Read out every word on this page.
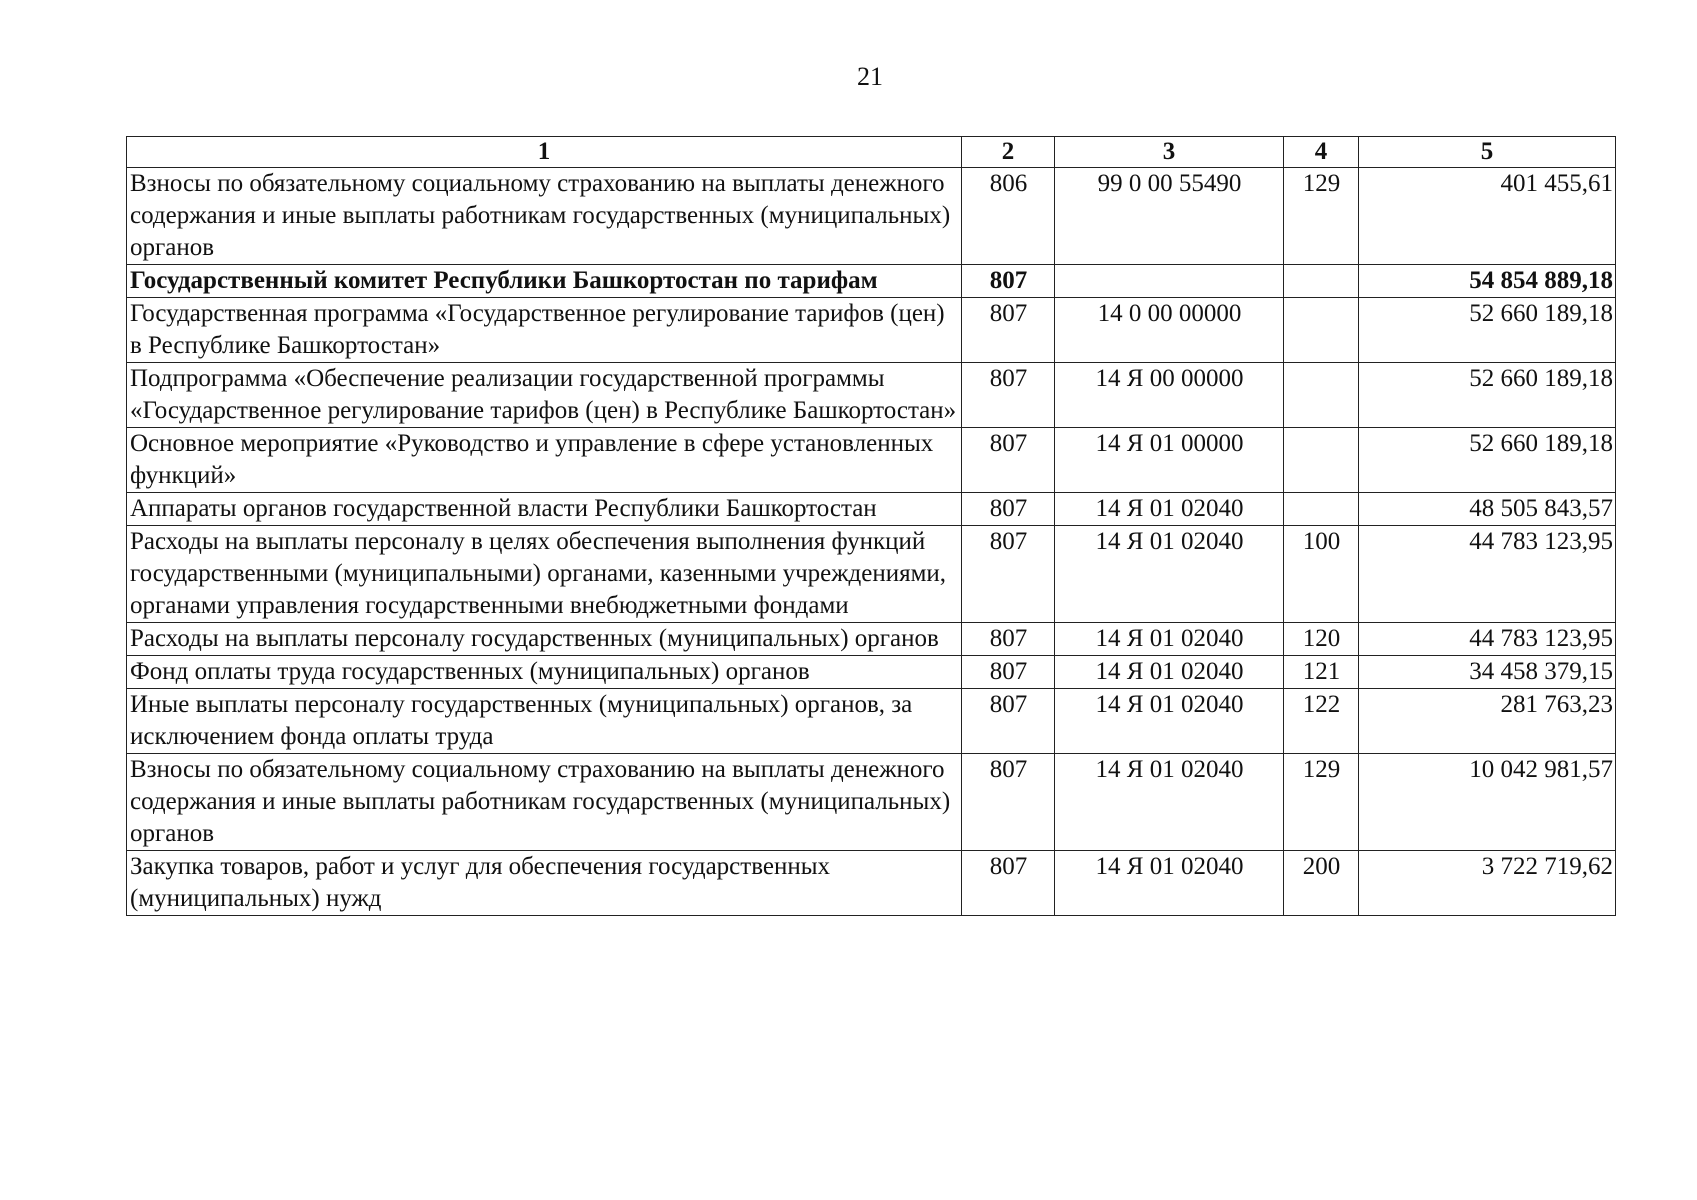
21
1	2	3	4	5
Взносы по обязательному социальному страхованию на выплаты денежного содержания и иные выплаты работникам государственных (муниципальных) органов	806	99 0 00 55490	129	401 455,61
Государственный комитет Республики Башкортостан по тарифам	807			54 854 889,18
Государственная программа «Государственное регулирование тарифов (цен) в Республике Башкортостан»	807	14 0 00 00000		52 660 189,18
Подпрограмма «Обеспечение реализации государственной программы «Государственное регулирование тарифов (цен) в Республике Башкортостан»	807	14 Я 00 00000		52 660 189,18
Основное мероприятие «Руководство и управление в сфере установленных функций»	807	14 Я 01 00000		52 660 189,18
Аппараты органов государственной власти Республики Башкортостан	807	14 Я 01 02040		48 505 843,57
Расходы на выплаты персоналу в целях обеспечения выполнения функций государственными (муниципальными) органами, казенными учреждениями, органами управления государственными внебюджетными фондами	807	14 Я 01 02040	100	44 783 123,95
Расходы на выплаты персоналу государственных (муниципальных) органов	807	14 Я 01 02040	120	44 783 123,95
Фонд оплаты труда государственных (муниципальных) органов	807	14 Я 01 02040	121	34 458 379,15
Иные выплаты персоналу государственных (муниципальных) органов, за исключением фонда оплаты труда	807	14 Я 01 02040	122	281 763,23
Взносы по обязательному социальному страхованию на выплаты денежного содержания и иные выплаты работникам государственных (муниципальных) органов	807	14 Я 01 02040	129	10 042 981,57
Закупка товаров, работ и услуг для обеспечения государственных (муниципальных) нужд	807	14 Я 01 02040	200	3 722 719,62
